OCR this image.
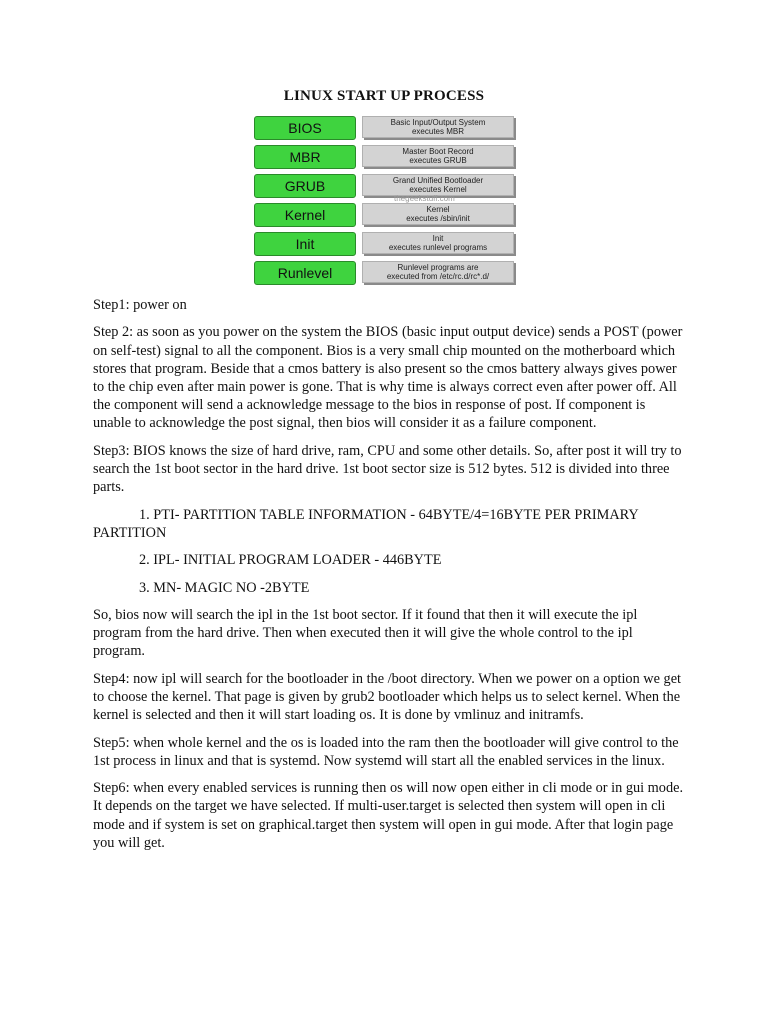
LINUX START UP PROCESS
BIOS	Basic Input/Output System
executes MBR
MBR	Master Boot Record
executes GRUB
GRUB	Grand Unified Bootloader
executes Kernel
thegeekstuff.com
Kernel	Kernel
executes /sbin/init
Init	Init
executes runlevel programs
Runlevel	Runlevel programs are
executed from /etc/rc.d/rc*.d/

Step1: power on

Step 2: as soon as you power on the system the BIOS (basic input output device) sends a POST (power on self-test) signal to all the component. Bios is a very small chip mounted on the motherboard which stores that program. Beside that a cmos battery is also present so the cmos battery always gives power to the chip even after main power is gone. That is why time is always correct even after power off. All the component will send a acknowledge message to the bios in response of post. If component is unable to acknowledge the post signal, then bios will consider it as a failure component.

Step3: BIOS knows the size of hard drive, ram, CPU and some other details. So, after post it will try to search the 1st boot sector in the hard drive. 1st boot sector size is 512 bytes. 512 is divided into three parts.

1. PTI- PARTITION TABLE INFORMATION - 64BYTE/4=16BYTE PER PRIMARY PARTITION

2. IPL- INITIAL PROGRAM LOADER - 446BYTE

3. MN- MAGIC NO -2BYTE

So, bios now will search the ipl in the 1st boot sector. If it found that then it will execute the ipl program from the hard drive. Then when executed then it will give the whole control to the ipl program.

Step4: now ipl will search for the bootloader in the /boot directory. When we power on a option we get to choose the kernel. That page is given by grub2 bootloader which helps us to select kernel. When the kernel is selected and then it will start loading os. It is done by vmlinuz and initramfs.

Step5: when whole kernel and the os is loaded into the ram then the bootloader will give control to the 1st process in linux and that is systemd. Now systemd will start all the enabled services in the linux.

Step6: when every enabled services is running then os will now open either in cli mode or in gui mode. It depends on the target we have selected. If multi-user.target is selected then system will open in cli mode and if system is set on graphical.target then system will open in gui mode. After that login page you will get.
